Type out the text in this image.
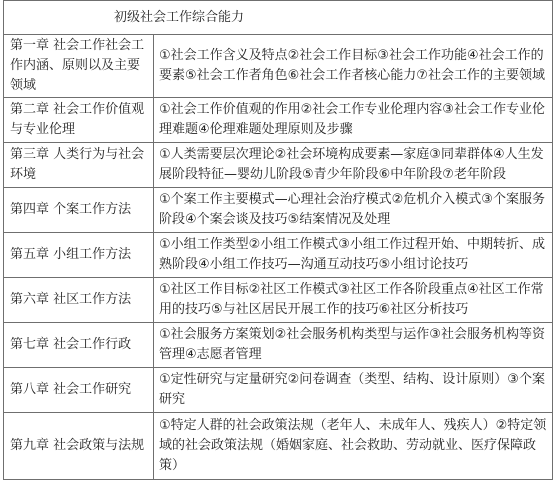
初级社会工作综合能力	
第一章 社会工作社会工作内涵、原则以及主要领域	①社会工作含义及特点②社会工作目标③社会工作功能④社会工作的要素⑤社会工作者角色⑥社会工作者核心能力⑦社会工作的主要领域
第二章 社会工作价值观与专业伦理	①社会工作价值观的作用②社会工作专业伦理内容③社会工作专业伦理难题④伦理难题处理原则及步骤
第三章 人类行为与社会环境	①人类需要层次理论②社会环境构成要素—家庭③同辈群体④人生发展阶段特征—婴幼儿阶段⑤青少年阶段⑥中年阶段⑦老年阶段
第四章 个案工作方法	①个案工作主要模式—心理社会治疗模式②危机介入模式③个案服务阶段④个案会谈及技巧⑤结案情况及处理
第五章 小组工作方法	①小组工作类型②小组工作模式③小组工作过程开始、中期转折、成熟阶段④小组工作技巧—沟通互动技巧⑤小组讨论技巧
第六章 社区工作方法	①社区工作目标②社区工作模式③社区工作各阶段重点④社区工作常用的技巧⑤与社区居民开展工作的技巧⑥社区分析技巧
第七章 社会工作行政	①社会服务方案策划②社会服务机构类型与运作③社会服务机构等资管理④志愿者管理
第八章 社会工作研究	①定性研究与定量研究②问卷调查（类型、结构、设计原则）③个案研究
第九章 社会政策与法规	①特定人群的社会政策法规（老年人、未成年人、残疾人）②特定领域的社会政策法规（婚姻家庭、社会救助、劳动就业、医疗保障政策）
